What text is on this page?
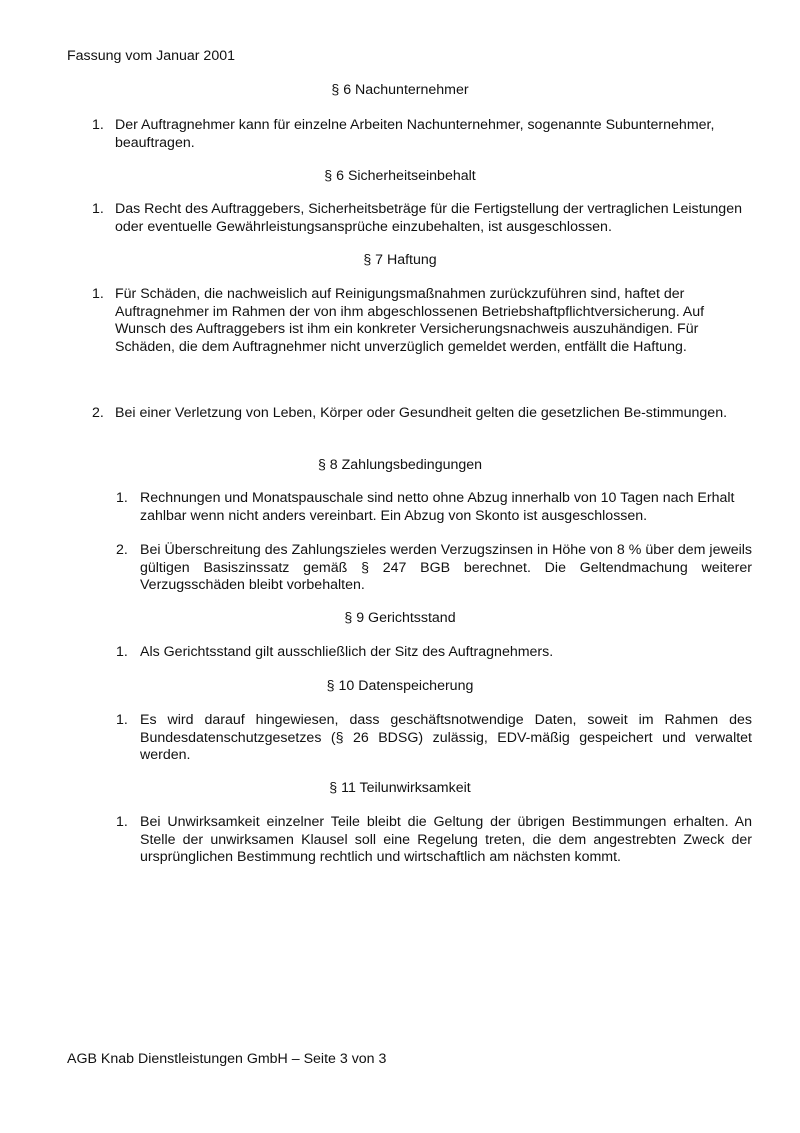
Fassung vom Januar 2001

§ 6 Nachunternehmer

1. Der Auftragnehmer kann für einzelne Arbeiten Nachunternehmer, sogenannte Subunternehmer, beauftragen.

§ 6 Sicherheitseinbehalt

1. Das Recht des Auftraggebers, Sicherheitsbeträge für die Fertigstellung der vertraglichen Leistungen oder eventuelle Gewährleistungsansprüche einzubehalten, ist ausgeschlossen.

§ 7 Haftung

1. Für Schäden, die nachweislich auf Reinigungsmaßnahmen zurückzuführen sind, haftet der Auftragnehmer im Rahmen der von ihm abgeschlossenen Betriebshaftpflichtversicherung. Auf Wunsch des Auftraggebers ist ihm ein konkreter Versicherungsnachweis auszuhändigen. Für Schäden, die dem Auftragnehmer nicht unverzüglich gemeldet werden, entfällt die Haftung.
2. Bei einer Verletzung von Leben, Körper oder Gesundheit gelten die gesetzlichen Be-stimmungen.

§ 8 Zahlungsbedingungen

1. Rechnungen und Monatspauschale sind netto ohne Abzug innerhalb von 10 Tagen nach Erhalt zahlbar wenn nicht anders vereinbart. Ein Abzug von Skonto ist ausgeschlossen.
2. Bei Überschreitung des Zahlungszieles werden Verzugszinsen in Höhe von 8 % über dem jeweils gültigen Basiszinssatz gemäß § 247 BGB berechnet. Die Geltendmachung weiterer Verzugsschäden bleibt vorbehalten.

§ 9 Gerichtsstand

1. Als Gerichtsstand gilt ausschließlich der Sitz des Auftragnehmers.

§ 10 Datenspeicherung

1. Es wird darauf hingewiesen, dass geschäftsnotwendige Daten, soweit im Rahmen des Bundesdatenschutzgesetzes (§ 26 BDSG) zulässig, EDV-mäßig gespeichert und verwaltet werden.

§ 11 Teilunwirksamkeit

1. Bei Unwirksamkeit einzelner Teile bleibt die Geltung der übrigen Bestimmungen erhalten. An Stelle der unwirksamen Klausel soll eine Regelung treten, die dem angestrebten Zweck der ursprünglichen Bestimmung rechtlich und wirtschaftlich am nächsten kommt.

AGB Knab Dienstleistungen GmbH – Seite 3 von 3
